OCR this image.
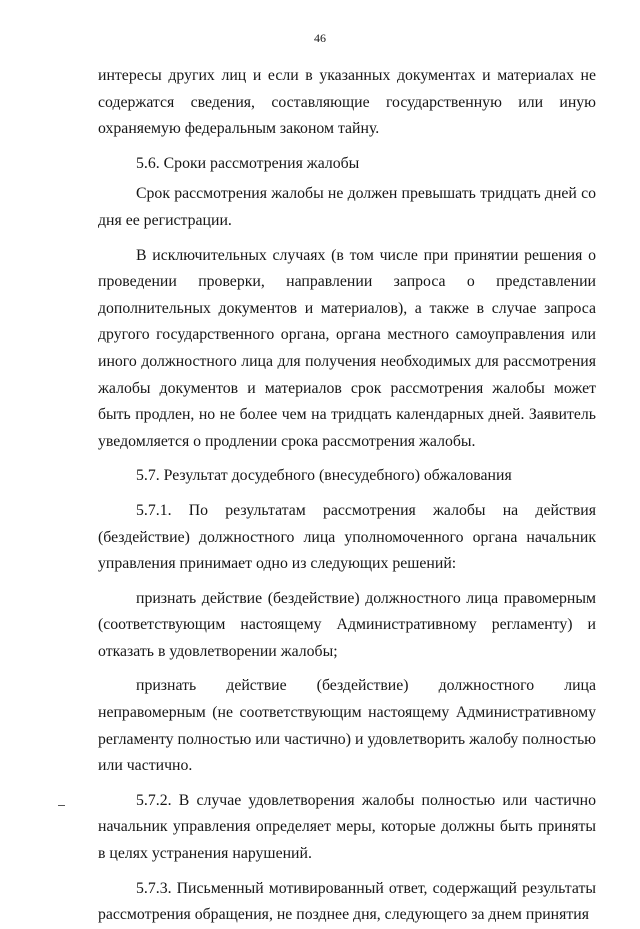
46

интересы других лиц и если в указанных документах и материалах не содержатся сведения, составляющие государственную или иную охраняемую федеральным законом тайну.

5.6. Сроки рассмотрения жалобы

Срок рассмотрения жалобы не должен превышать тридцать дней со дня ее регистрации.

В исключительных случаях (в том числе при принятии решения о проведении проверки, направлении запроса о представлении дополнительных документов и материалов), а также в случае запроса другого государственного органа, органа местного самоуправления или иного должностного лица для получения необходимых для рассмотрения жалобы документов и материалов срок рассмотрения жалобы может быть продлен, но не более чем на тридцать календарных дней. Заявитель уведомляется о продлении срока рассмотрения жалобы.

5.7. Результат досудебного (внесудебного) обжалования

5.7.1. По результатам рассмотрения жалобы на действия (бездействие) должностного лица уполномоченного органа начальник управления принимает одно из следующих решений:

признать действие (бездействие) должностного лица правомерным (соответствующим настоящему Административному регламенту) и отказать в удовлетворении жалобы;

признать действие (бездействие) должностного лица неправомерным (не соответствующим настоящему Административному регламенту полностью или частично) и удовлетворить жалобу полностью или частично.

5.7.2. В случае удовлетворения жалобы полностью или частично начальник управления определяет меры, которые должны быть приняты в целях устранения нарушений.

5.7.3. Письменный мотивированный ответ, содержащий результаты рассмотрения обращения, не позднее дня, следующего за днем принятия
